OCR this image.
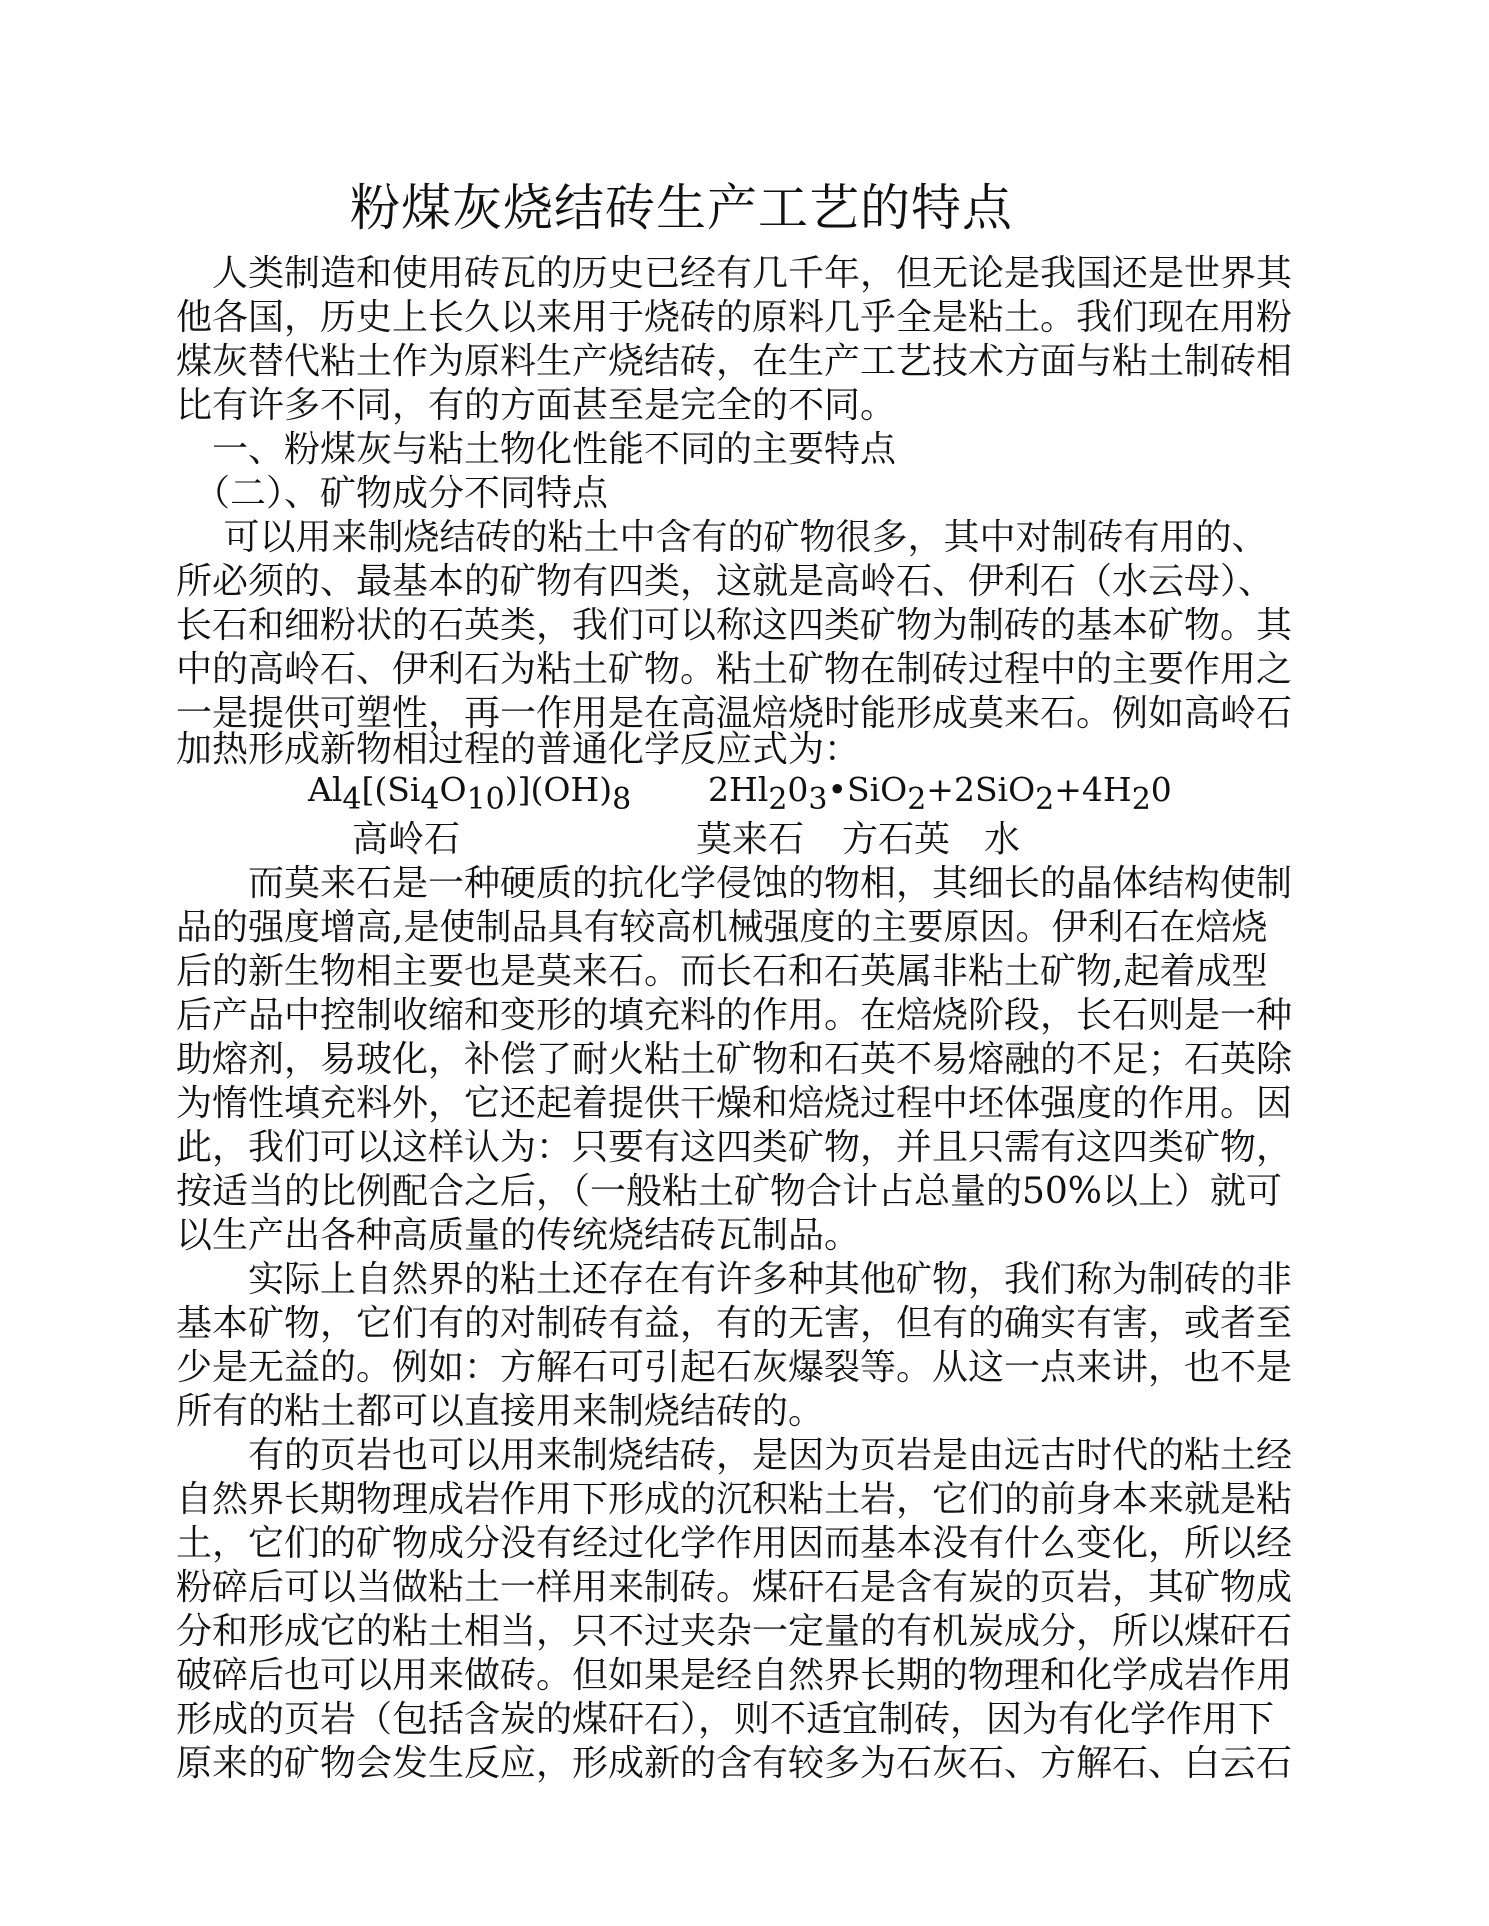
粉煤灰烧结砖生产工艺的特点
　人类制造和使用砖瓦的历史已经有几千年，但无论是我国还是世界其
他各国，历史上长久以来用于烧砖的原料几乎全是粘土。我们现在用粉
煤灰替代粘土作为原料生产烧结砖，在生产工艺技术方面与粘土制砖相
比有许多不同，有的方面甚至是完全的不同。
　一、粉煤灰与粘土物化性能不同的主要特点
　（二）、矿物成分不同特点
　 可以用来制烧结砖的粘土中含有的矿物很多，其中对制砖有用的、
所必须的、最基本的矿物有四类，这就是高岭石、伊利石（水云母）、
长石和细粉状的石英类，我们可以称这四类矿物为制砖的基本矿物。其
中的高岭石、伊利石为粘土矿物。粘土矿物在制砖过程中的主要作用之
一是提供可塑性，再一作用是在高温焙烧时能形成莫来石。例如高岭石
加热形成新物相过程的普通化学反应式为：
$Al_4[(Si_4O_{10})](OH)_8$ $2Hl_20_3•SiO_2+2SiO_2+4H_20$
高岭石	莫来石 方石英 水
　　而莫来石是一种硬质的抗化学侵蚀的物相，其细长的晶体结构使制
品的强度增高,是使制品具有较高机械强度的主要原因。伊利石在焙烧
后的新生物相主要也是莫来石。而长石和石英属非粘土矿物,起着成型
后产品中控制收缩和变形的填充料的作用。在焙烧阶段，长石则是一种
助熔剂，易玻化，补偿了耐火粘土矿物和石英不易熔融的不足；石英除
为惰性填充料外，它还起着提供干燥和焙烧过程中坯体强度的作用。因
此，我们可以这样认为：只要有这四类矿物，并且只需有这四类矿物，
按适当的比例配合之后，（一般粘土矿物合计占总量的50%以上）就可
以生产出各种高质量的传统烧结砖瓦制品。
　　实际上自然界的粘土还存在有许多种其他矿物，我们称为制砖的非
基本矿物，它们有的对制砖有益，有的无害，但有的确实有害，或者至
少是无益的。例如：方解石可引起石灰爆裂等。从这一点来讲，也不是
所有的粘土都可以直接用来制烧结砖的。
　　有的页岩也可以用来制烧结砖，是因为页岩是由远古时代的粘土经
自然界长期物理成岩作用下形成的沉积粘土岩，它们的前身本来就是粘
土，它们的矿物成分没有经过化学作用因而基本没有什么变化，所以经
粉碎后可以当做粘土一样用来制砖。煤矸石是含有炭的页岩，其矿物成
分和形成它的粘土相当，只不过夹杂一定量的有机炭成分，所以煤矸石
破碎后也可以用来做砖。但如果是经自然界长期的物理和化学成岩作用
形成的页岩（包括含炭的煤矸石），则不适宜制砖，因为有化学作用下
原来的矿物会发生反应，形成新的含有较多为石灰石、方解石、白云石
